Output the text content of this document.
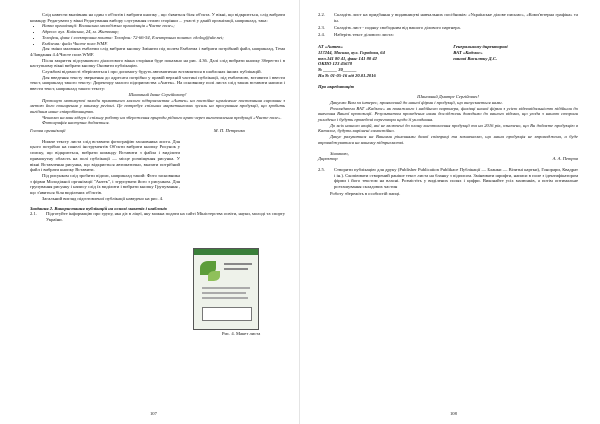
Слід навести вказівник на один з об'єктів і вибрати кнопку , що з'явиться біля об'єкта. У вікні, що відкриється, слід вибрати команду Редагувати у вікні Редагування вибору слугування стилю сторінки ... участі у даній організації, наприклад, така:

• Назва організації: Волинська молодіжна організація «Чисте поле»;
• Адреса: вул. Київська, 24, м. Житомир;
• Телефон, факс і електронна пошта: Телефон: 72-66-54, Електронна пошта: ekolog@ukr.net;
• Емблема: файл Чисте поле.WMF.

Для зміни малюнка емблеми слід вибрати кнопку Змінити під полем Емблема і вибрати потрібний файл, наприклад, Тема 4/Завдання 4.4/Чисте поле.WMF.

Після закриття підсумкового діалогового вікна сторінки буде показано на рис. 4.36. Далі слід вибрати кнопку Зберегти і в наступному вікні вибрати кнопку Оновити публікацію.

Службові відомості зберігаються і про допомогу будуть автоматично вставлятися в шаблонах інших публікацій.

Для введення тексту звернення до адресата потрібно у правій верхній частині публікації, під емблемою, вставити і ввести текст, наприклад такого тексту: Директору малого підприємства «Антек». На основному полі листа слід також вставити написи і ввести текст, наприклад такого тексту:

Шановний Іване Сергійовичу!

Пропоную мотивуючі заходи приватного малого підприємства «Антек» на постійне щомісячне постачання сировини з метою його поширення у вашому регіоні. Це потребує спільних маркетингових зусиль на просування продукції, що зробить вигідним наше співробітництво.

Чекаємо на ваш відгук і спільну роботу на збереження природи рідного краю через виготовлення продукції «Чисте поле».

Фотографія наступна додається.

Голова організації	М. П. Петренко

Нижче тексту листа слід вставити фотографію засновника листа. Для цього потрібно на панелі інструментів Об'єкти вибрати кнопку Рисунок у списку, що відкриється, вибрати команду Вставити з файла і виділити прямокутну область на полі публікації — місце розміщення рисунка. У вікні Вставлення рисунка, що відкриється автоматично, вказати потрібний файл і вибрати кнопку Вставити.

Під рисунком слід зробити підпис, наприклад такий: Фото засновника з фірми Молодіжної організації "Антек", і згрупувати його з рисунком. Для групування рисунку і напису слід їх виділити і вибрати кнопку Групування , що з'явиться біля виділених об'єктів.

Загальний вигляд підготовленої публікації наведено на рис. 4.

Завдання 2. Використання публікацій на основі макетів і шаблонів

2.1.	Підготуйте інформацію про групу, яка діє в ліцеї, яку можна подати на сайті Міністерства освіти, науки, молоді та спорту України.
107
Рис. 4. Макет листа
2.2.	Складіть лист на придбання у видавництві навчальних посібників: «Українське ділове письмо», «Комп'ютерна графіка» та ін.
2.3.	Складіть лист - подяку свободним від вашого ділового партнера.
2.4.	Наберіть текст ділового листа:
АТ «Антек»
117244, Москва, вул. Городова, 64
тел.141 80 41, факс 141 80 42
ОКПО 123 45678
Генеральному директорові
ВАТ «Кадмос»
панові Василюку Д.С.

№ ______ 30______

На № 01-05-16 від 20.01.2016

Про акредитацію

Шановний Дмитре Сергійович!

Дякуємо Вам за інтерес, проявлений до нашої фірми і продукції, що випускається нами.

Розглядаючи ВАТ «Кадмос» як поважного і надійного партнера, фахівці нашої фірми з усією відповідальністю підійшли до вивчення Вашої пропозиції. Результатом проведених нами досліджень доводимо до вашого відома, що угода з нашою сторони укладена і будуть проведені переговори щодо її укладання.

До всіх нашого акцій, які не включені до плану виготовлення продукції та на 2016 рік, означено, що Ви додаєте продукцію в Каталог, будуть вирішені самостійно.

Дякує рахуватися на Вашими рішеннями даної співпраці та зазначаємо, що наша продукція не впроваджена, а буде впроваджуватися на вашому підприємстві.

Зіновкою,

Директор	А. А. Петров
2.5.	Створити публікацію для друку (Publisher Publication Publikace Публікації — Бланки — Візитні картки), Гонорари, Квадрат і ін.). Скопіювати створений раніше текст листа на бланку з підписом. Змінювати шрифти, написи в поле з ідентифікатором фірми і його текстом на власні. Розмістіть у виділених полях і цифри. Виконайте усіх малюнків, а потім оптимальне розташування складових частин

Роботу збережіть в особистій папці.

108
